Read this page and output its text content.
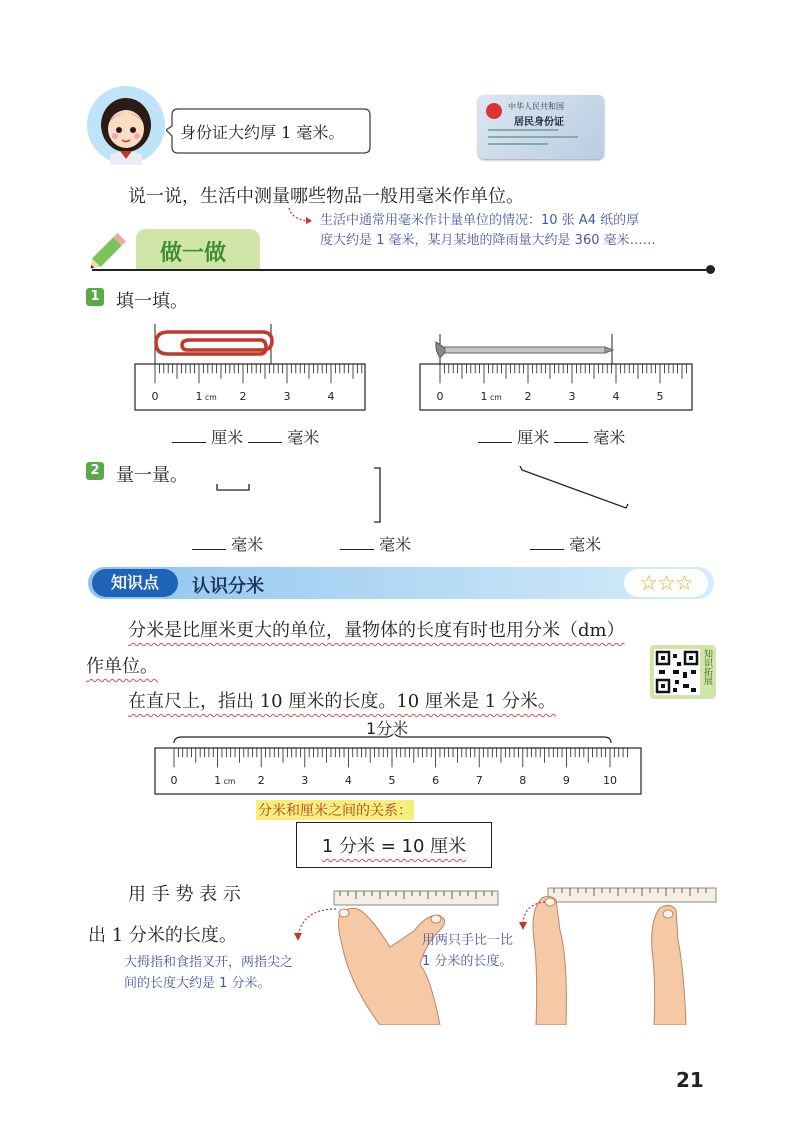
身份证大约厚 1 毫米。
中华人民共和国
居民身份证
说一说，生活中测量哪些物品一般用毫米作单位。
生活中通常用毫米作计量单位的情况：10 张 A4 纸的厚
度大约是 1 毫米，某月某地的降雨量大约是 360 毫米……
做一做
1 填一填。
0	1 cm 2	3	4	0	1 cm 2	3	4	5
厘米	毫米	厘米	毫米
2 量一量。
毫米	毫米	毫米
知识点	认识分米	☆☆☆
分米是比厘米更大的单位，量物体的长度有时也用分米（dm）
作单位。	知识拓展
在直尺上，指出 10 厘米的长度。10 厘米是 1 分米。
1分米
0	1 cm 2	3	4	5	6	7	8	9	10
分米和厘米之间的关系：
1 分米 = 10 厘米
用 手 势 表 示
出 1 分米的长度。
大拇指和食指叉开，两指尖之
间的长度大约是 1 分米。
用两只手比一比
1 分米的长度。
21
